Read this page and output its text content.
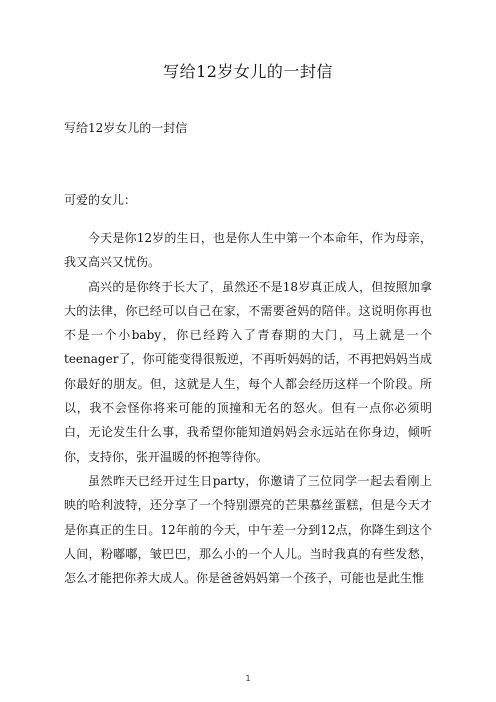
写给12岁女儿的一封信
写给12岁女儿的一封信
可爱的女儿：

今天是你12岁的生日，也是你人生中第一个本命年，作为母亲，我又高兴又忧伤。

高兴的是你终于长大了，虽然还不是18岁真正成人，但按照加拿大的法律，你已经可以自己在家，不需要爸妈的陪伴。这说明你再也不是一个小baby，你已经跨入了青春期的大门，马上就是一个teenager了，你可能变得很叛逆，不再听妈妈的话，不再把妈妈当成你最好的朋友。但，这就是人生，每个人都会经历这样一个阶段。所以，我不会怪你将来可能的顶撞和无名的怒火。但有一点你必须明白，无论发生什么事，我希望你能知道妈妈会永远站在你身边，倾听你，支持你，张开温暖的怀抱等待你。

虽然昨天已经开过生日party，你邀请了三位同学一起去看刚上映的哈利波特，还分享了一个特别漂亮的芒果慕丝蛋糕，但是今天才是你真正的生日。12年前的今天，中午差一分到12点，你降生到这个人间，粉嘟嘟，皱巴巴，那么小的一个人儿。当时我真的有些发愁，怎么才能把你养大成人。你是爸爸妈妈第一个孩子，可能也是此生惟

1
